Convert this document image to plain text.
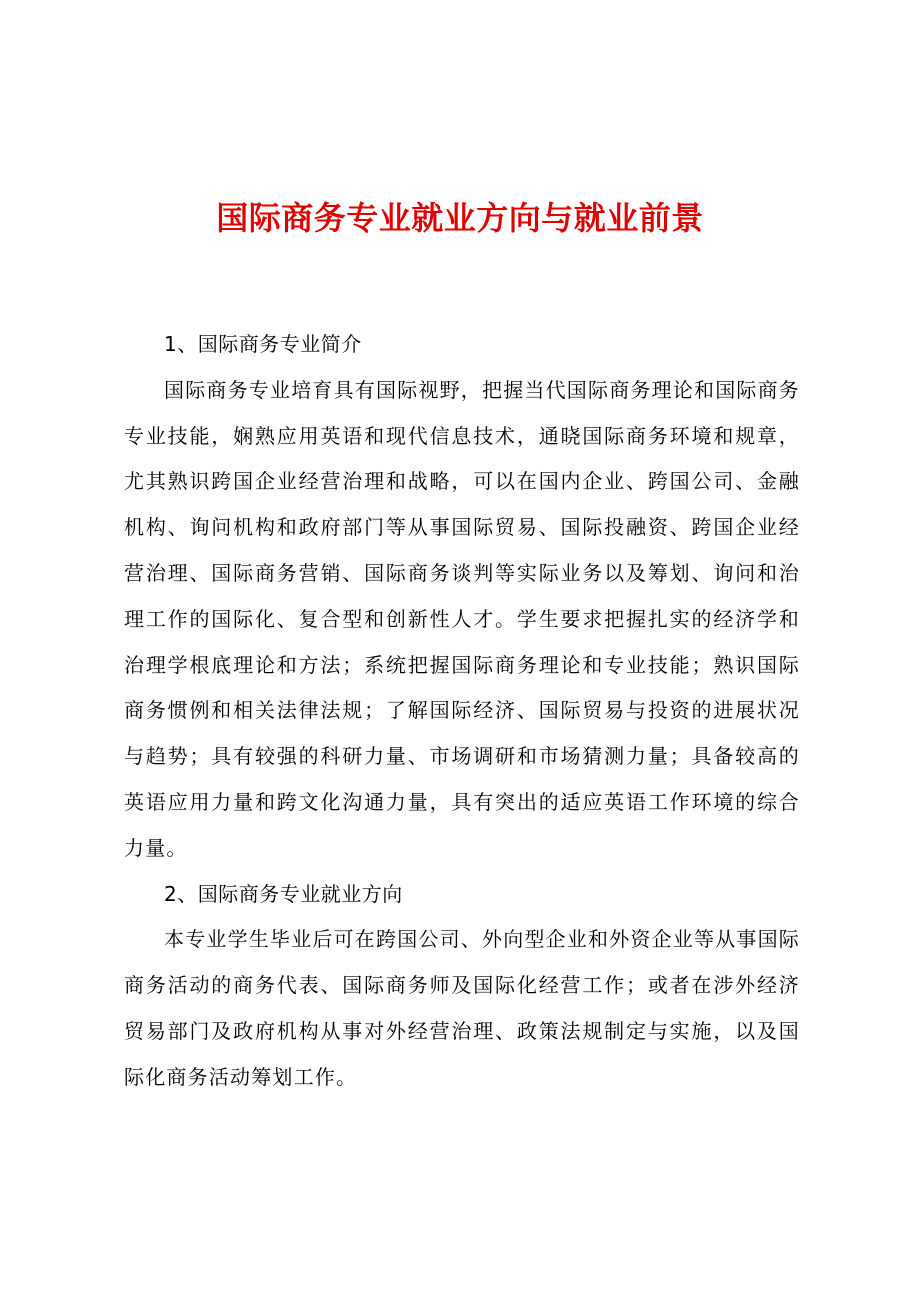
国际商务专业就业方向与就业前景

1、国际商务专业简介

国际商务专业培育具有国际视野，把握当代国际商务理论和国际商务专业技能，娴熟应用英语和现代信息技术，通晓国际商务环境和规章，尤其熟识跨国企业经营治理和战略，可以在国内企业、跨国公司、金融机构、询问机构和政府部门等从事国际贸易、国际投融资、跨国企业经营治理、国际商务营销、国际商务谈判等实际业务以及筹划、询问和治理工作的国际化、复合型和创新性人才。学生要求把握扎实的经济学和治理学根底理论和方法；系统把握国际商务理论和专业技能；熟识国际商务惯例和相关法律法规；了解国际经济、国际贸易与投资的进展状况与趋势；具有较强的科研力量、市场调研和市场猜测力量；具备较高的英语应用力量和跨文化沟通力量，具有突出的适应英语工作环境的综合力量。

2、国际商务专业就业方向

本专业学生毕业后可在跨国公司、外向型企业和外资企业等从事国际商务活动的商务代表、国际商务师及国际化经营工作；或者在涉外经济贸易部门及政府机构从事对外经营治理、政策法规制定与实施，以及国际化商务活动筹划工作。
